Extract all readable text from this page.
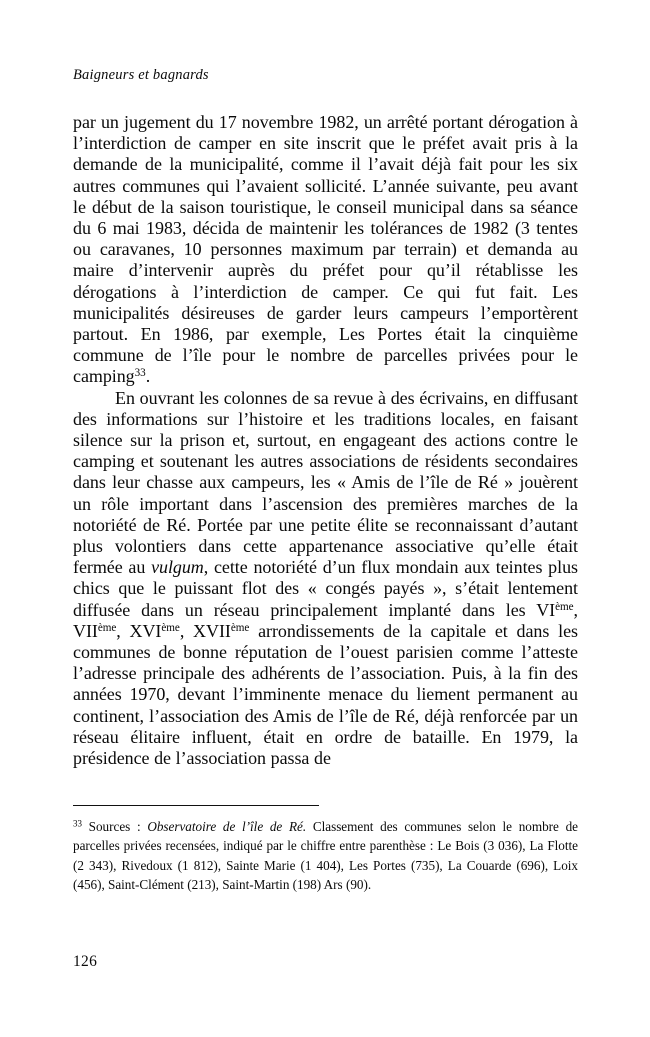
Baigneurs et bagnards

par un jugement du 17 novembre 1982, un arrêté portant dérogation à l’interdiction de camper en site inscrit que le préfet avait pris à la demande de la municipalité, comme il l’avait déjà fait pour les six autres communes qui l’avaient sollicité. L’année suivante, peu avant le début de la saison touristique, le conseil municipal dans sa séance du 6 mai 1983, décida de maintenir les tolérances de 1982 (3 tentes ou caravanes, 10 personnes maximum par terrain) et demanda au maire d’intervenir auprès du préfet pour qu’il rétablisse les dérogations à l’interdiction de camper. Ce qui fut fait. Les municipalités désireuses de garder leurs campeurs l’emportèrent partout. En 1986, par exemple, Les Portes était la cinquième commune de l’île pour le nombre de parcelles privées pour le camping$^{33}$.

En ouvrant les colonnes de sa revue à des écrivains, en diffusant des informations sur l’histoire et les traditions locales, en faisant silence sur la prison et, surtout, en engageant des actions contre le camping et soutenant les autres associations de résidents secondaires dans leur chasse aux campeurs, les « Amis de l’île de Ré » jouèrent un rôle important dans l’ascension des premières marches de la notoriété de Ré. Portée par une petite élite se reconnaissant d’autant plus volontiers dans cette appartenance associative qu’elle était fermée au vulgum, cette notoriété d’un flux mondain aux teintes plus chics que le puissant flot des « congés payés », s’était lentement diffusée dans un réseau principalement implanté dans les VIème, VIIème, XVIème, XVIIème arrondissements de la capitale et dans les communes de bonne réputation de l’ouest parisien comme l’atteste l’adresse principale des adhérents de l’association. Puis, à la fin des années 1970, devant l’imminente menace du liement permanent au continent, l’association des Amis de l’île de Ré, déjà renforcée par un réseau élitaire influent, était en ordre de bataille. En 1979, la présidence de l’association passa de

$^{33}$ Sources : Observatoire de l’île de Ré. Classement des communes selon le nombre de parcelles privées recensées, indiqué par le chiffre entre parenthèse : Le Bois (3 036), La Flotte (2 343), Rivedoux (1 812), Sainte Marie (1 404), Les Portes (735), La Couarde (696), Loix (456), Saint-Clément (213), Saint-Martin (198) Ars (90).

126
